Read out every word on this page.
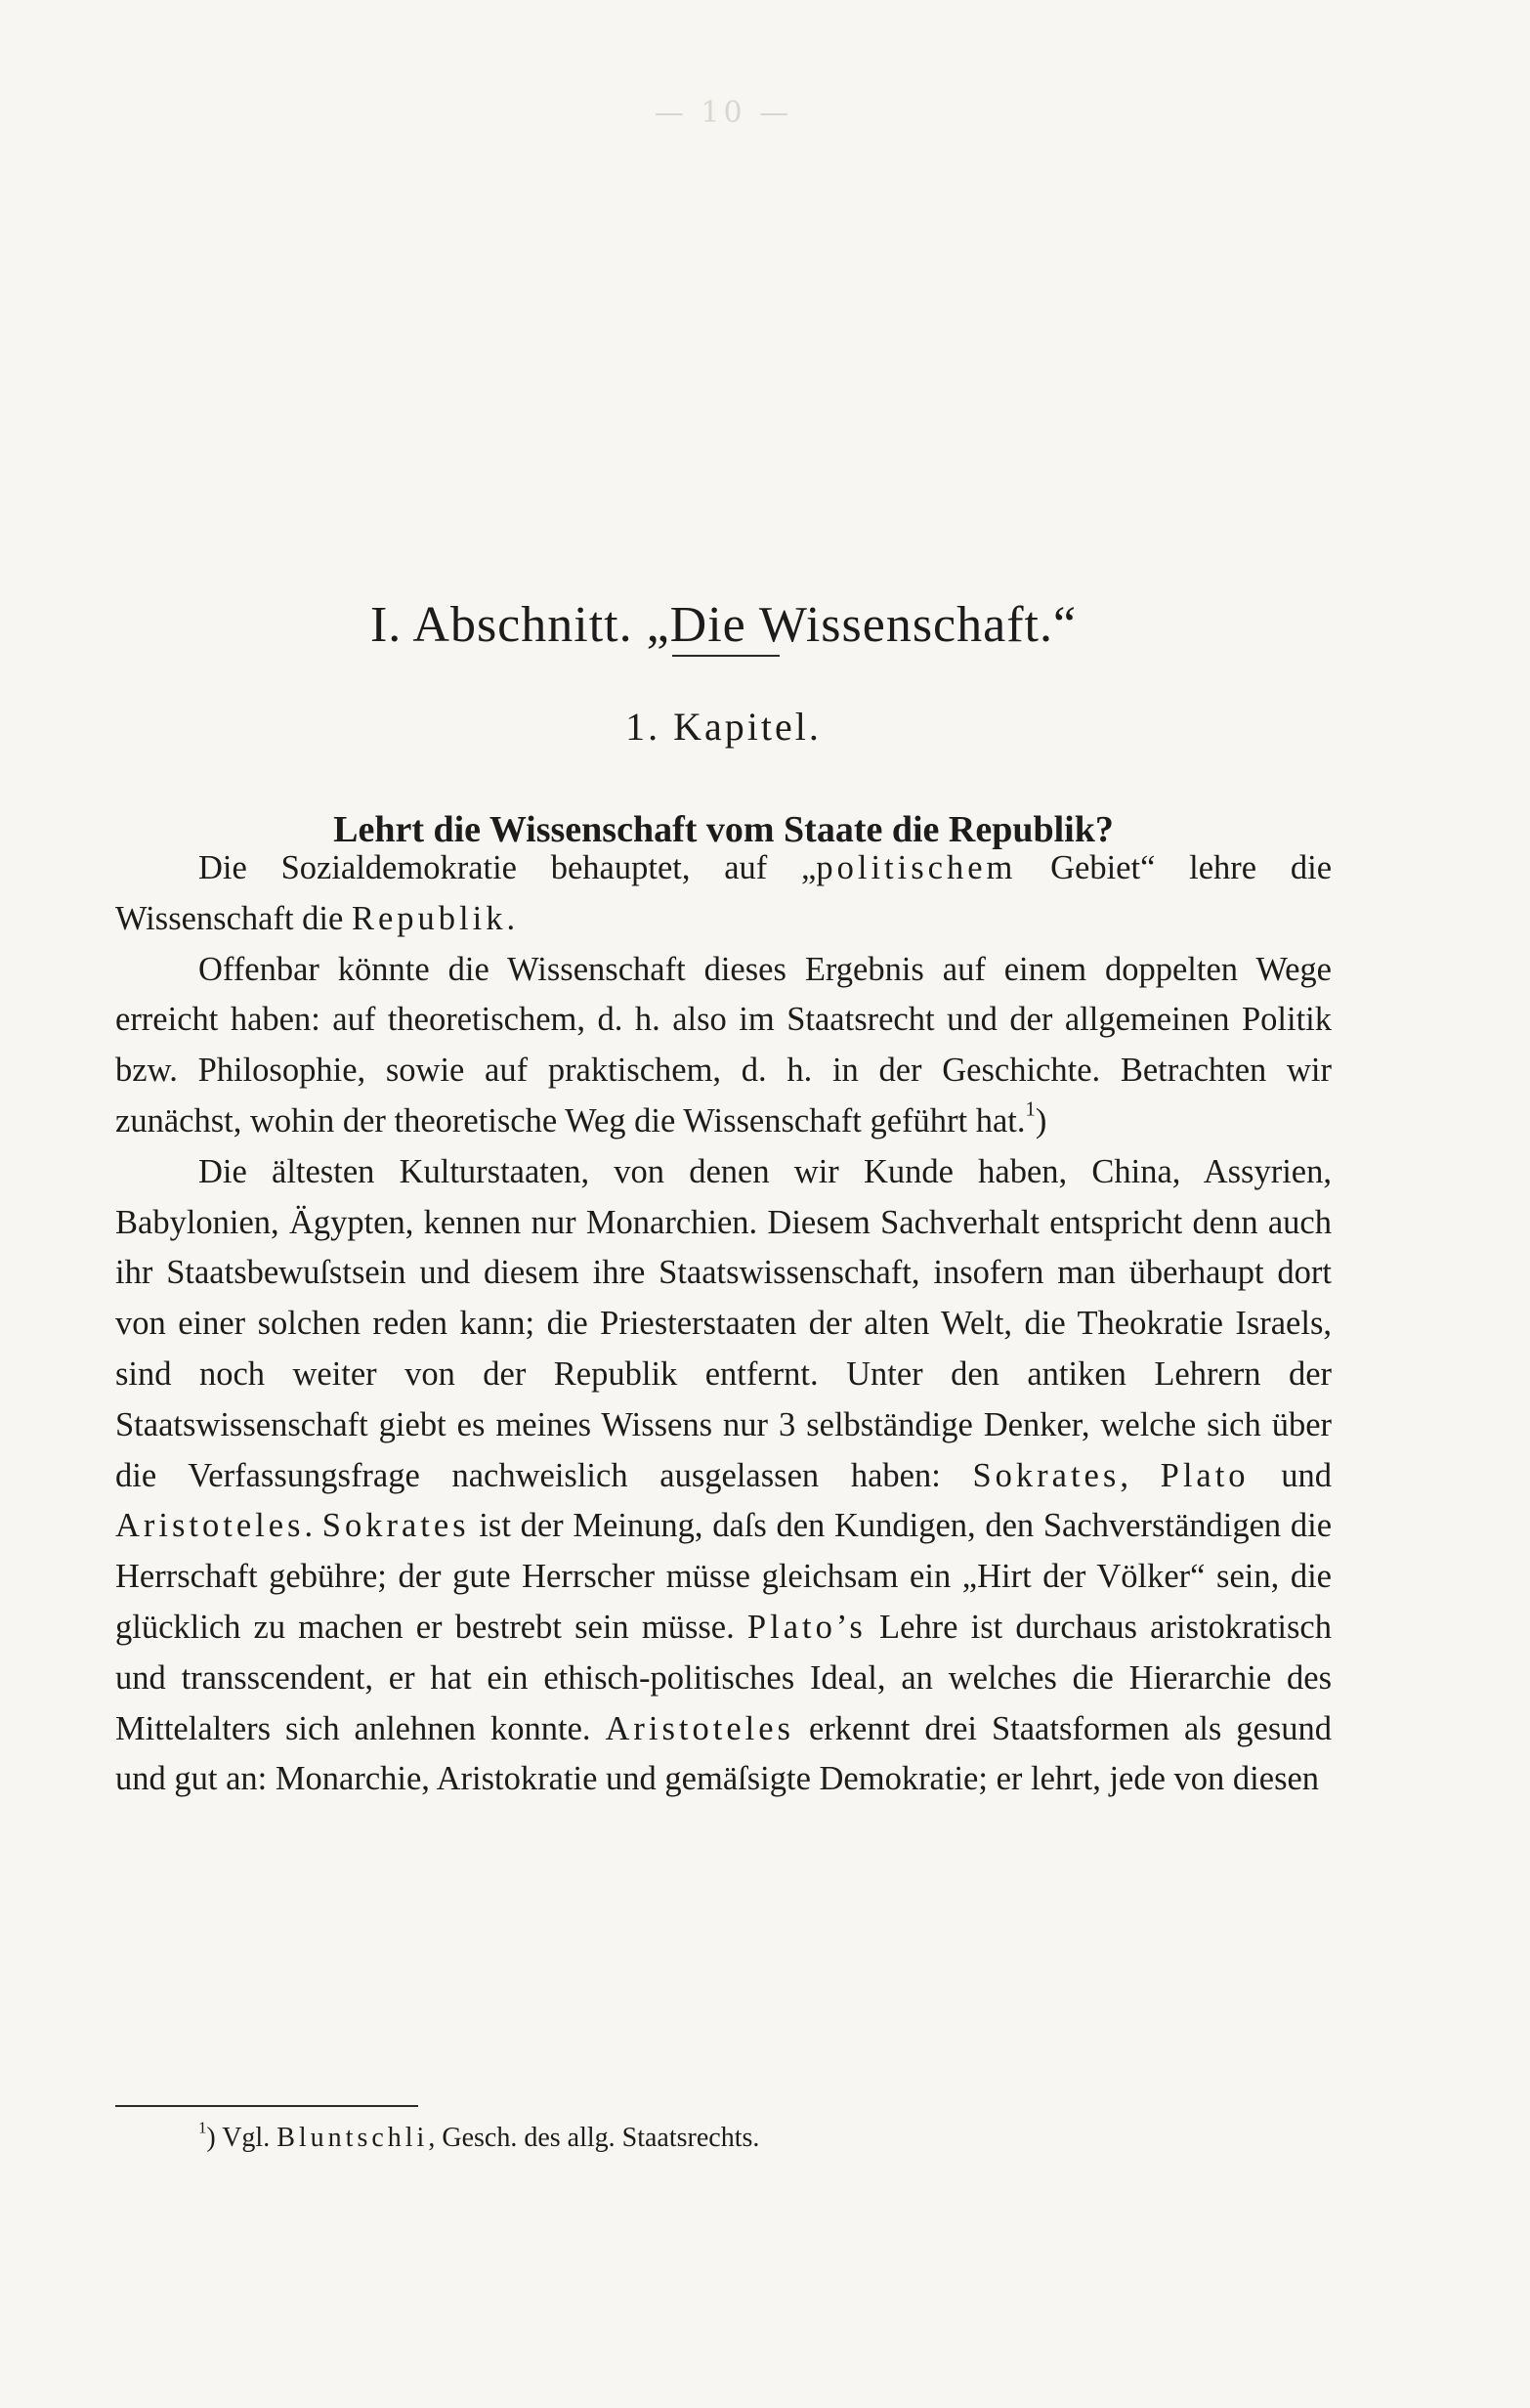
— 10 —
I. Abschnitt. „Die Wissenschaft.“
1. Kapitel.
Lehrt die Wissenschaft vom Staate die Republik?

Die Sozialdemokratie behauptet, auf „politischem Gebiet“ lehre die Wissenschaft die Republik.

Offenbar könnte die Wissenschaft dieses Ergebnis auf einem doppelten Wege erreicht haben: auf theoretischem, d. h. also im Staatsrecht und der allgemeinen Politik bzw. Philosophie, sowie auf praktischem, d. h. in der Geschichte. Betrachten wir zunächst, wohin der theoretische Weg die Wissenschaft geführt hat.$^1$)

Die ältesten Kulturstaaten, von denen wir Kunde haben, China, Assyrien, Babylonien, Ägypten, kennen nur Monarchien. Diesem Sachverhalt entspricht denn auch ihr Staatsbewuſstsein und diesem ihre Staatswissenschaft, insofern man überhaupt dort von einer solchen reden kann; die Priesterstaaten der alten Welt, die Theokratie Israels, sind noch weiter von der Republik entfernt. Unter den antiken Lehrern der Staatswissenschaft giebt es meines Wissens nur 3 selbständige Denker, welche sich über die Verfassungsfrage nachweislich ausgelassen haben: Sokrates, Plato und Aristoteles. Sokrates ist der Meinung, daſs den Kundigen, den Sachverständigen die Herrschaft gebühre; der gute Herrscher müsse gleichsam ein „Hirt der Völker“ sein, die glücklich zu machen er bestrebt sein müsse. Plato’s Lehre ist durchaus aristokratisch und transscendent, er hat ein ethisch-politisches Ideal, an welches die Hierarchie des Mittelalters sich anlehnen konnte. Aristoteles erkennt drei Staatsformen als gesund und gut an: Monarchie, Aristokratie und gemäſsigte Demokratie; er lehrt, jede von diesen

$^1$) Vgl. Bluntschli, Gesch. des allg. Staatsrechts.
